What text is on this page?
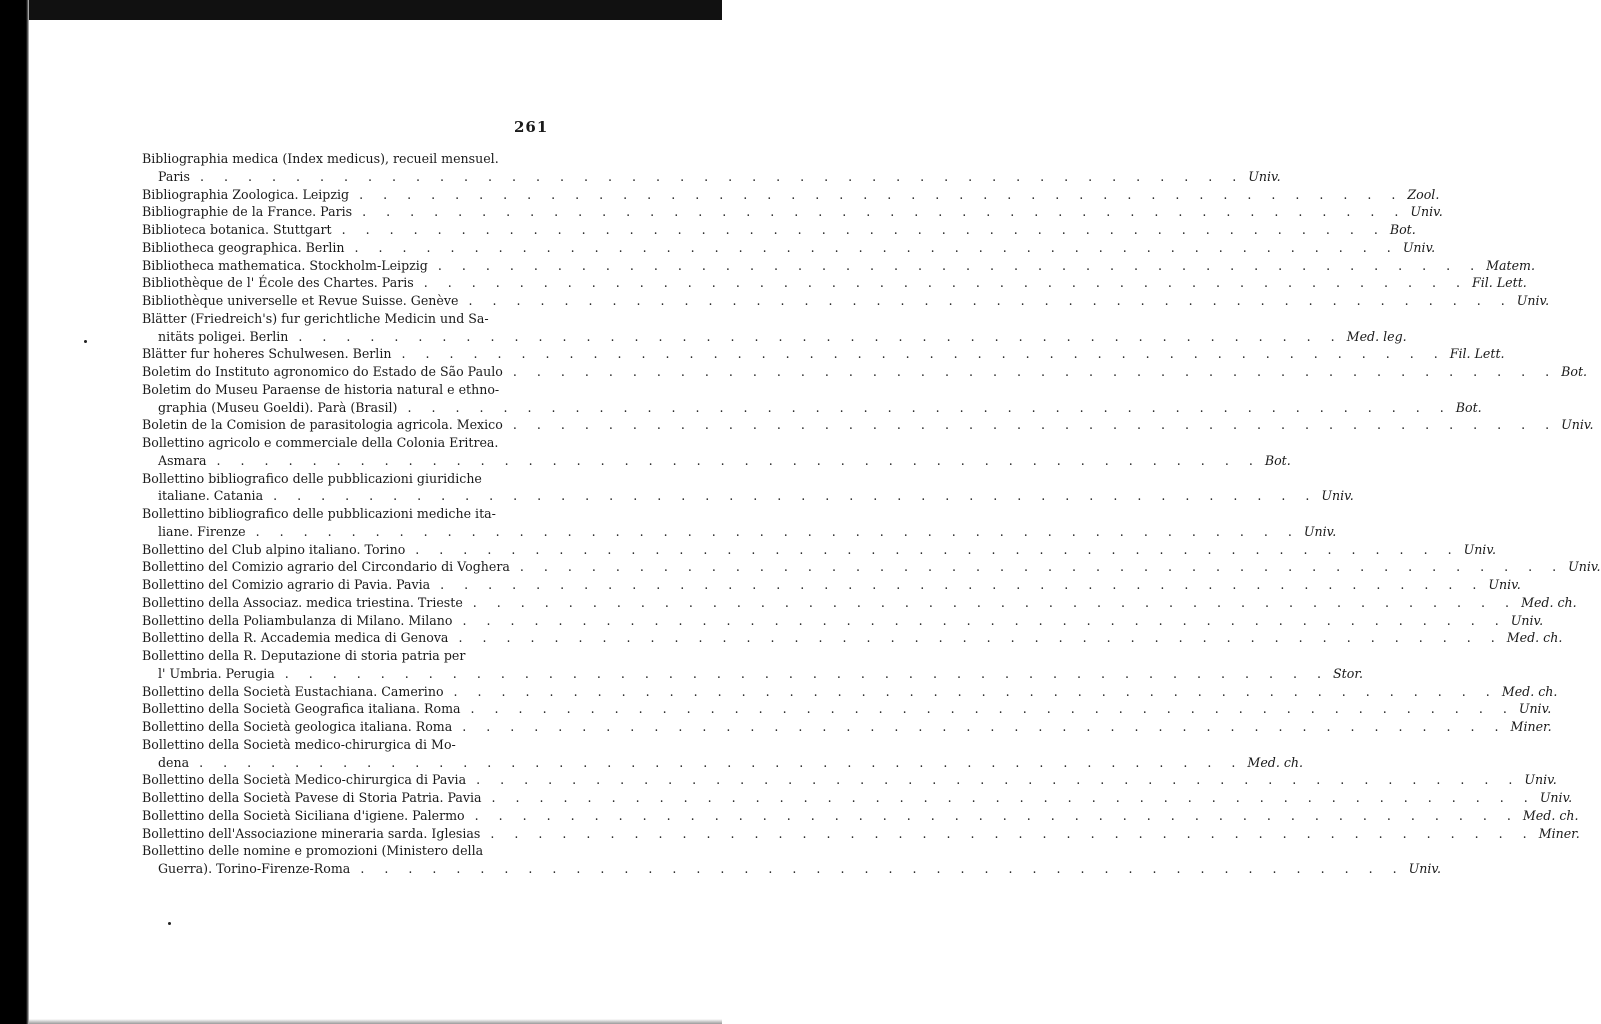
261
Bibliographia medica (Index medicus), recueil mensuel.
Paris . . .	Univ.
Bibliographia Zoologica. Leipzig . . .	Zool.
Bibliographie de la France. Paris . . .	Univ.
Biblioteca botanica. Stuttgart . . .	Bot.
Bibliotheca geographica. Berlin . . .	Univ.
Bibliotheca mathematica. Stockholm-Leipzig . . .	Matem.
Bibliothèque de l' École des Chartes. Paris . . .	Fil. Lett.
Bibliothèque universelle et Revue Suisse. Genève . . .	Univ.
Blätter (Friedreich's) fur gerichtliche Medicin und Sa-
nitäts poligei. Berlin . . .	Med. leg.
Blätter fur hoheres Schulwesen. Berlin . . .	Fil. Lett.
Boletim do Instituto agronomico do Estado de São Paulo . . .	Bot.
Boletim do Museu Paraense de historia natural e ethno-
graphia (Museu Goeldi). Parà (Brasil) . . .	Bot.
Boletin de la Comision de parasitologia agricola. Mexico . . .	Univ.
Bollettino agricolo e commerciale della Colonia Eritrea.
Asmara . . .	Bot.
Bollettino bibliografico delle pubblicazioni giuridiche
italiane. Catania . . .	Univ.
Bollettino bibliografico delle pubblicazioni mediche ita-
liane. Firenze . . .	Univ.
Bollettino del Club alpino italiano. Torino . . .	Univ.
Bollettino del Comizio agrario del Circondario di Voghera . . .	Univ.
Bollettino del Comizio agrario di Pavia. Pavia . . .	Univ.
Bollettino della Associaz. medica triestina. Trieste . . .	Med. ch.
Bollettino della Poliambulanza di Milano. Milano . . .	Univ.
Bollettino della R. Accademia medica di Genova . . .	Med. ch.
Bollettino della R. Deputazione di storia patria per
l' Umbria. Perugia . . .	Stor.
Bollettino della Società Eustachiana. Camerino . . .	Med. ch.
Bollettino della Società Geografica italiana. Roma . . .	Univ.
Bollettino della Società geologica italiana. Roma . . .	Miner.
Bollettino della Società medico-chirurgica di Mo-
dena . . .	Med. ch.
Bollettino della Società Medico-chirurgica di Pavia . . .	Univ.
Bollettino della Società Pavese di Storia Patria. Pavia . . .	Univ.
Bollettino della Società Siciliana d'igiene. Palermo . . .	Med. ch.
Bollettino dell'Associazione mineraria sarda. Iglesias . . .	Miner.
Bollettino delle nomine e promozioni (Ministero della
Guerra). Torino-Firenze-Roma . . .	Univ.
